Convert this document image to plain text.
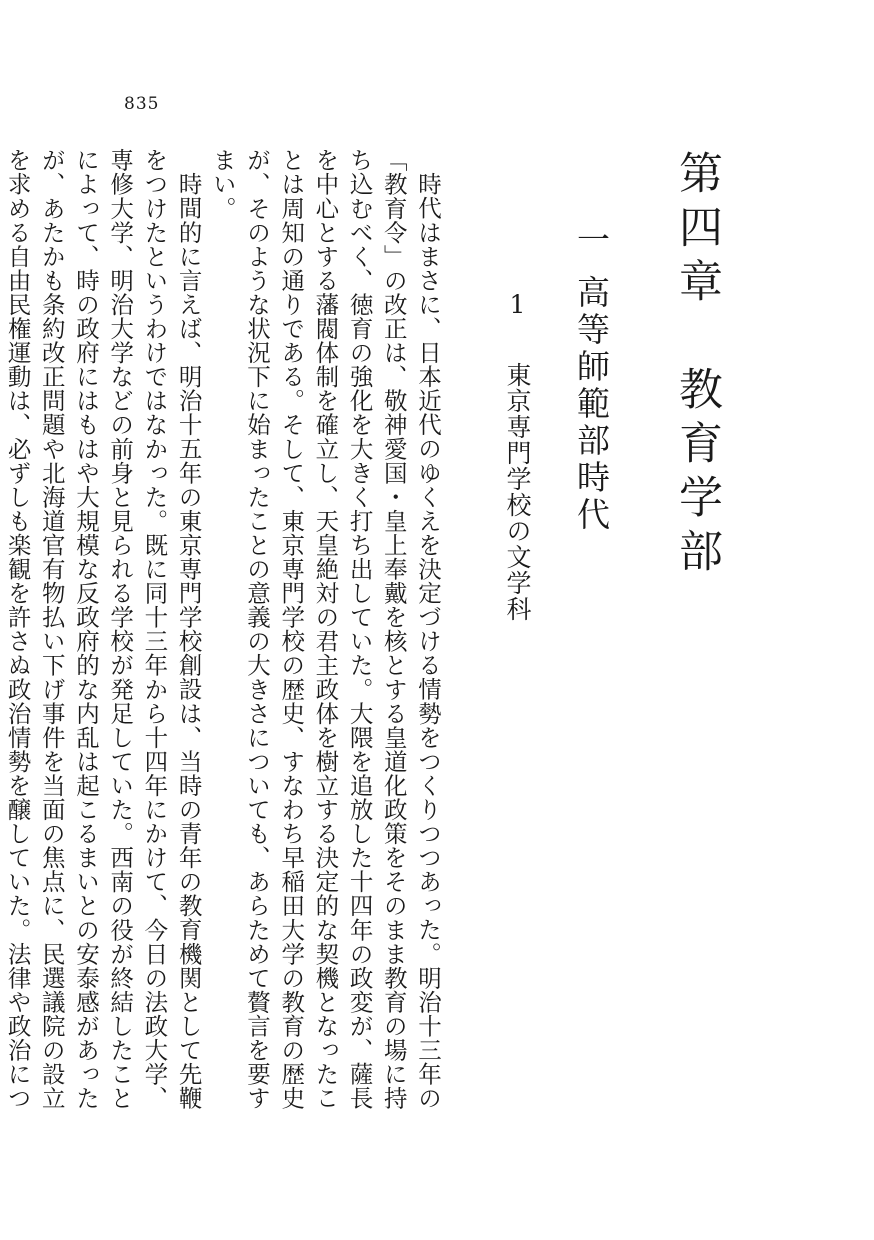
835
第四章　教育学部
一高等師範部時代
1　東京専門学校の文学科

時代はまさに、日本近代のゆくえを決定づける情勢をつくりつつあった。明治十三年の「教育令」の改正は、敬神愛国・皇上奉戴を核とする皇道化政策をそのまま教育の場に持ち込むべく、徳育の強化を大きく打ち出していた。大隈を追放した十四年の政変が、薩長を中心とする藩閥体制を確立し、天皇絶対の君主政体を樹立する決定的な契機となったことは周知の通りである。そして、東京専門学校の歴史、すなわち早稲田大学の教育の歴史が、そのような状況下に始まったことの意義の大きさについても、あらためて贅言を要すまい。

時間的に言えば、明治十五年の東京専門学校創設は、当時の青年の教育機関として先鞭をつけたというわけではなかった。既に同十三年から十四年にかけて、今日の法政大学、専修大学、明治大学などの前身と見られる学校が発足していた。西南の役が終結したことによって、時の政府にはもはや大規模な反政府的な内乱は起こるまいとの安泰感があったが、あたかも条約改正問題や北海道官有物払い下げ事件を当面の焦点に、民選議院の設立を求める自由民権運動は、必ずしも楽観を許さぬ政治情勢を醸していた。法律や政治につ
